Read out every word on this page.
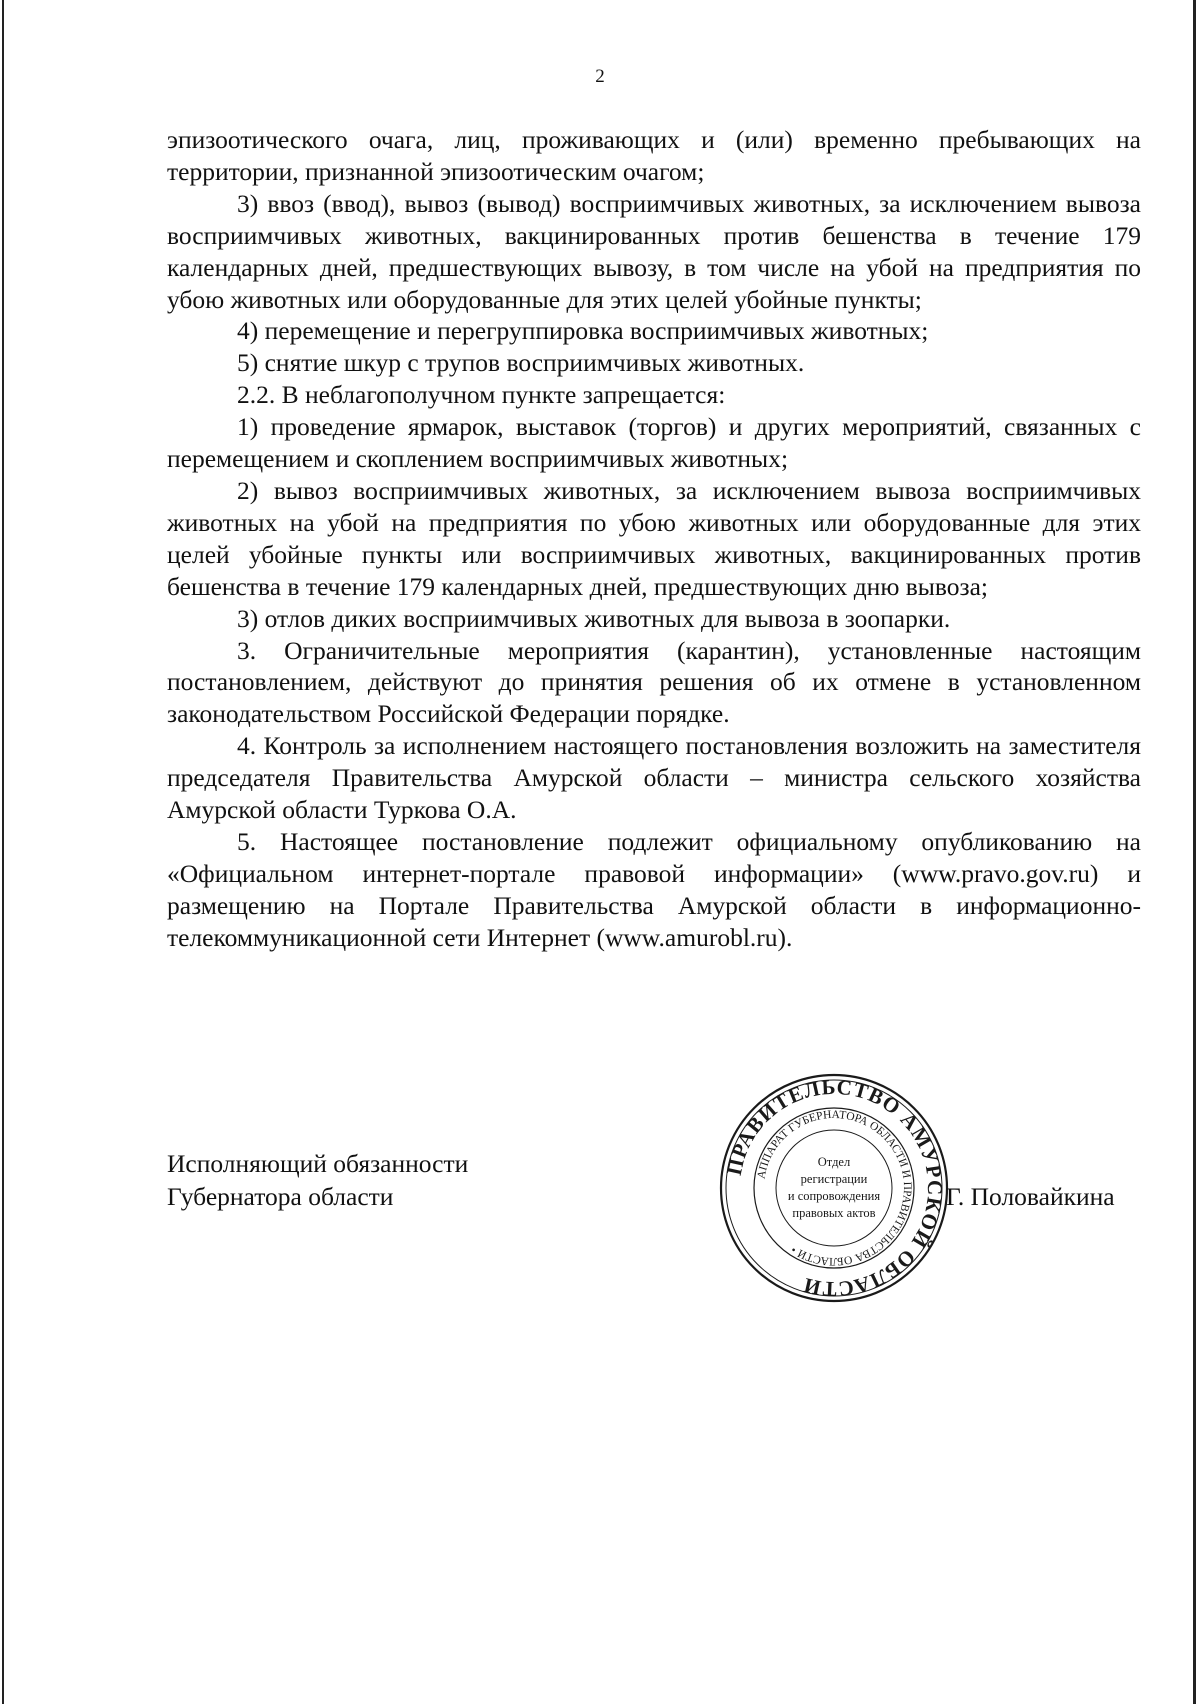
2

эпизоотического очага, лиц, проживающих и (или) временно пребывающих на территории, признанной эпизоотическим очагом;

3) ввоз (ввод), вывоз (вывод) восприимчивых животных, за исключением вывоза восприимчивых животных, вакцинированных против бешенства в течение 179 календарных дней, предшествующих вывозу, в том числе на убой на предприятия по убою животных или оборудованные для этих целей убойные пункты;

4) перемещение и перегруппировка восприимчивых животных;

5) снятие шкур с трупов восприимчивых животных.

2.2. В неблагополучном пункте запрещается:

1) проведение ярмарок, выставок (торгов) и других мероприятий, связанных с перемещением и скоплением восприимчивых животных;

2) вывоз восприимчивых животных, за исключением вывоза восприимчивых животных на убой на предприятия по убою животных или оборудованные для этих целей убойные пункты или восприимчивых животных, вакцинированных против бешенства в течение 179 календарных дней, предшествующих дню вывоза;

3) отлов диких восприимчивых животных для вывоза в зоопарки.

3. Ограничительные мероприятия (карантин), установленные настоящим постановлением, действуют до принятия решения об их отмене в установленном законодательством Российской Федерации порядке.

4. Контроль за исполнением настоящего постановления возложить на заместителя председателя Правительства Амурской области – министра сельского хозяйства Амурской области Туркова О.А.

5. Настоящее постановление подлежит официальному опубликованию на «Официальном интернет-портале правовой информации» (www.pravo.gov.ru) и размещению на Портале Правительства Амурской области в информационно-телекоммуникационной сети Интернет (www.amurobl.ru).

Исполняющий обязанности
Губернатора области
ПРАВИТЕЛЬСТВО АМУРСКОЙ ОБЛАСТИ
АППАРАТ ГУБЕРНАТОРА ОБЛАСТИ И ПРАВИТЕЛЬСТВА ОБЛАСТИ •
Отдел
регистрации
и сопровождения
правовых актов
Г. Половайкина
